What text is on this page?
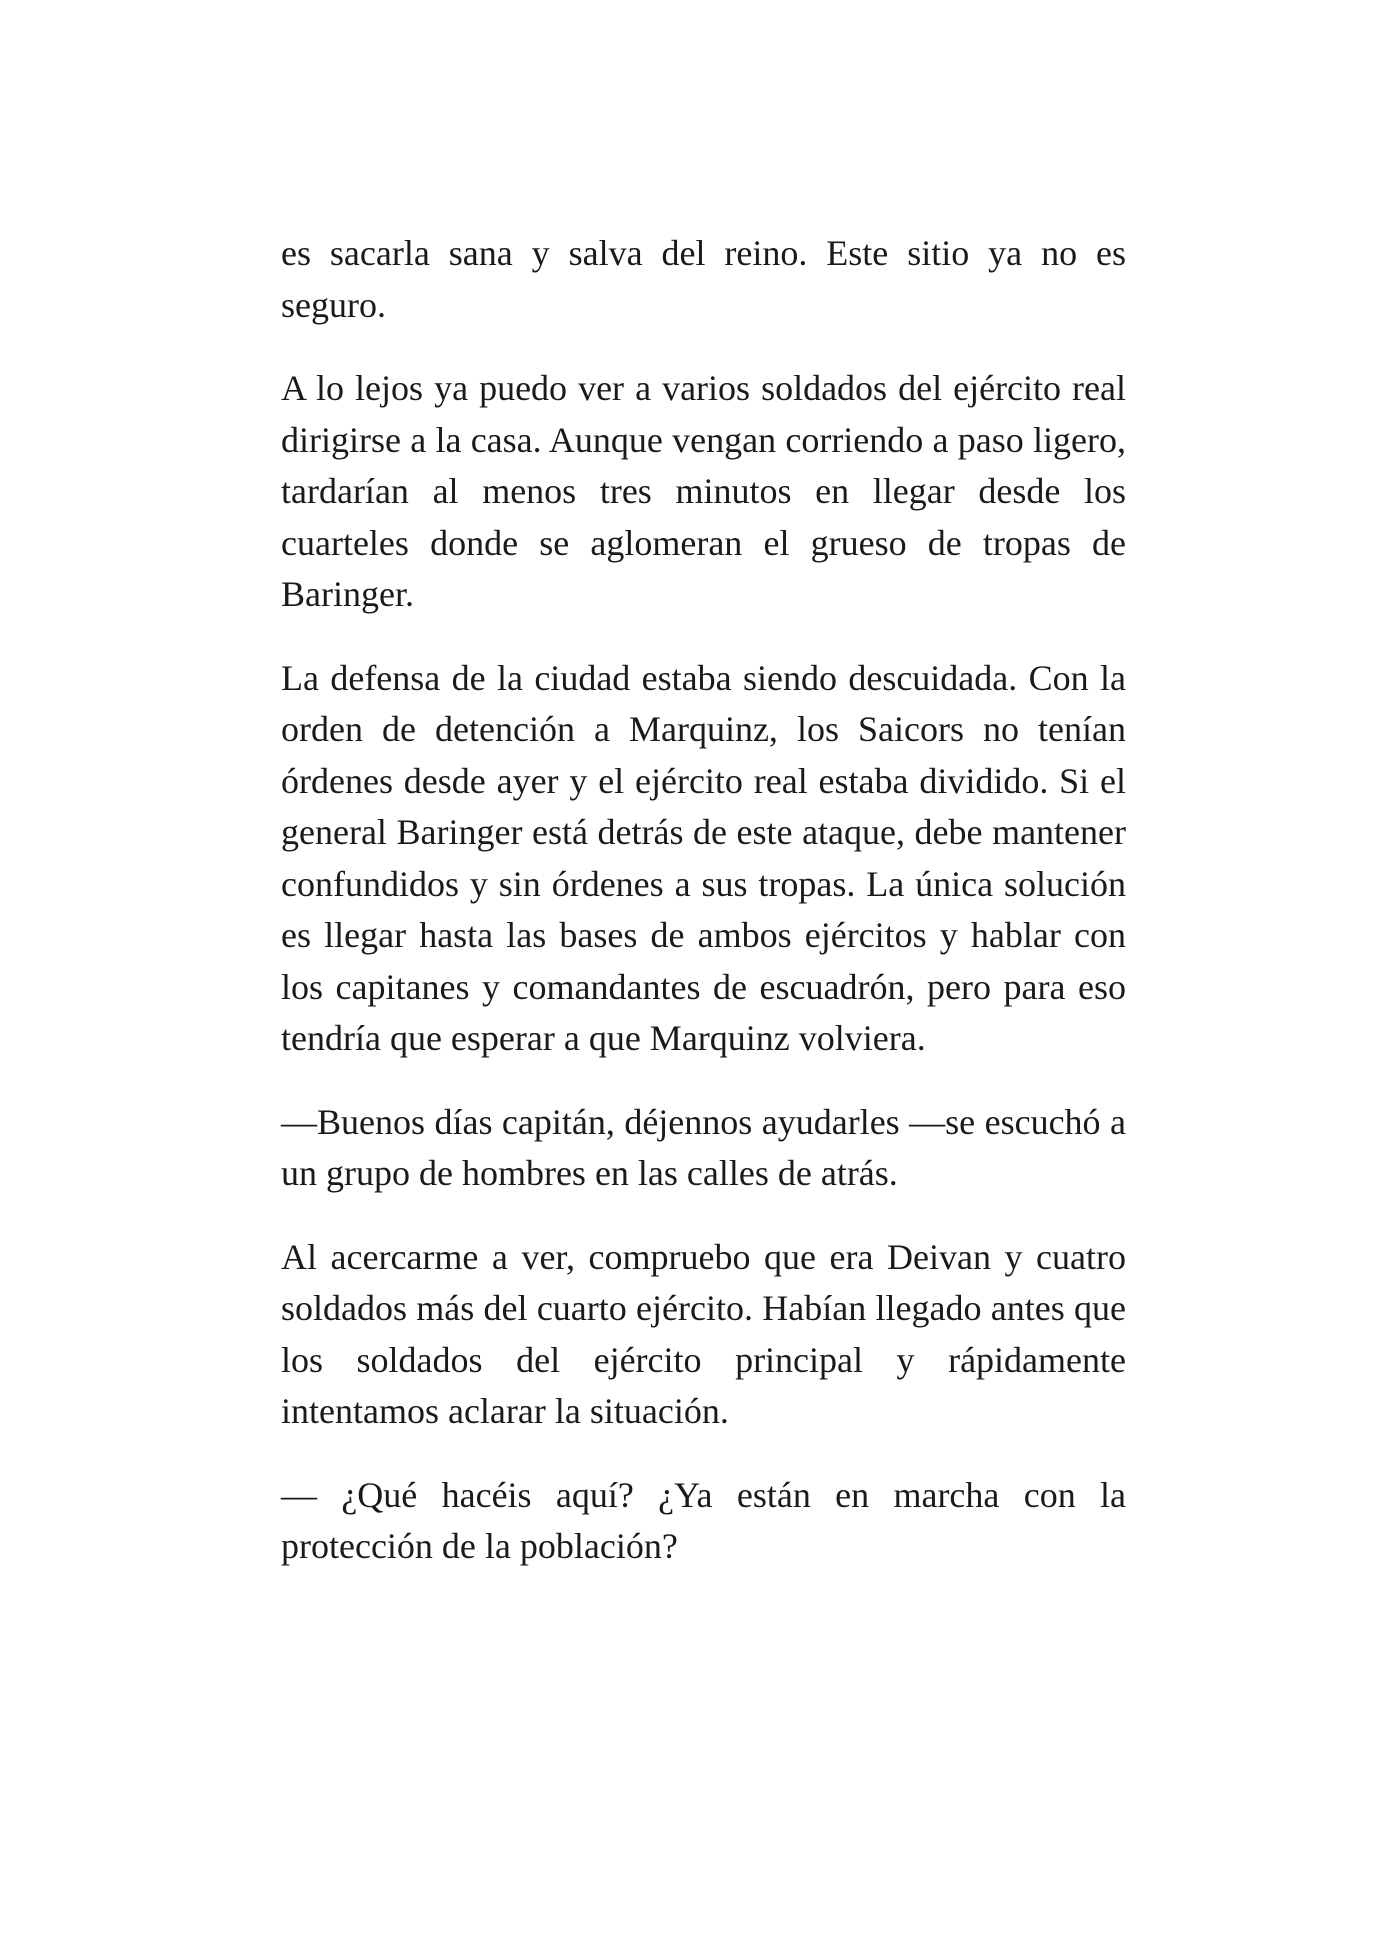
es sacarla sana y salva del reino. Este sitio ya no es seguro.

A lo lejos ya puedo ver a varios soldados del ejército real dirigirse a la casa. Aunque vengan corriendo a paso ligero, tardarían al menos tres minutos en llegar desde los cuarteles donde se aglomeran el grueso de tropas de Baringer.

La defensa de la ciudad estaba siendo descuidada. Con la orden de detención a Marquinz, los Saicors no tenían órdenes desde ayer y el ejército real estaba dividido. Si el general Baringer está detrás de este ataque, debe mantener confundidos y sin órdenes a sus tropas. La única solución es llegar hasta las bases de ambos ejércitos y hablar con los capitanes y comandantes de escuadrón, pero para eso tendría que esperar a que Marquinz volviera.

—Buenos días capitán, déjennos ayudarles —se escuchó a un grupo de hombres en las calles de atrás.

Al acercarme a ver, compruebo que era Deivan y cuatro soldados más del cuarto ejército. Habían llegado antes que los soldados del ejército principal y rápidamente intentamos aclarar la situación.

— ¿Qué hacéis aquí? ¿Ya están en marcha con la protección de la población?
